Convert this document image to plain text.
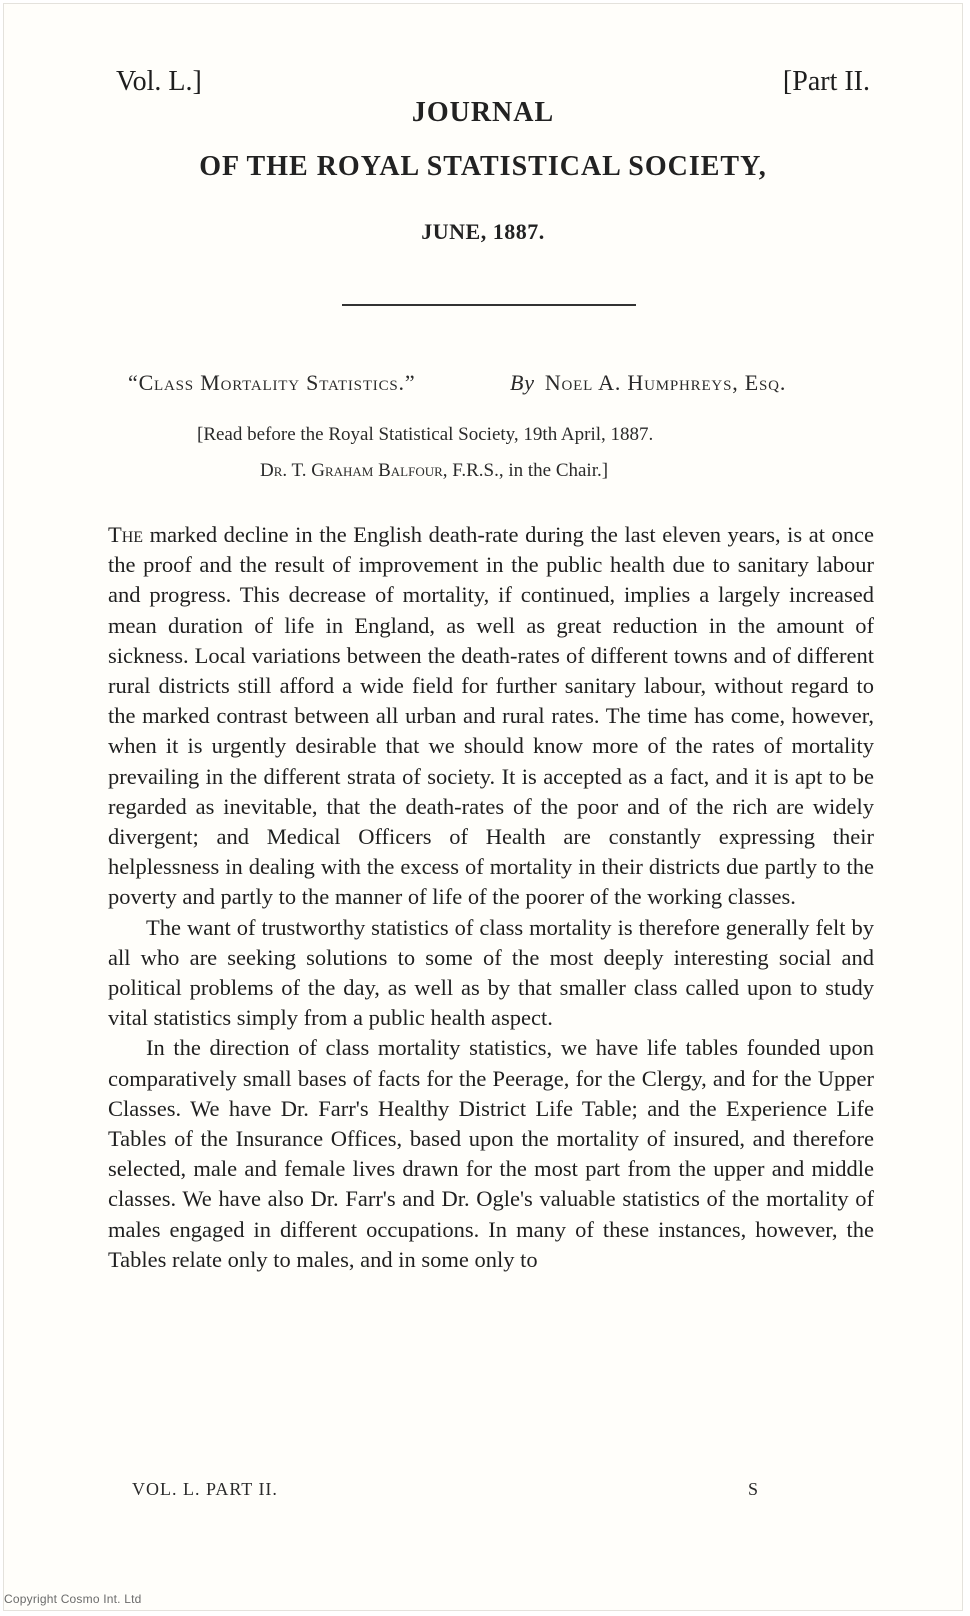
Vol. L.]	[Part II.
JOURNAL
OF THE ROYAL STATISTICAL SOCIETY,
JUNE, 1887.
“Class Mortality Statistics.”	By Noel A. Humphreys, Esq.
[Read before the Royal Statistical Society, 19th April, 1887.
Dr. T. Graham Balfour, F.R.S., in the Chair.]

The marked decline in the English death-rate during the last eleven years, is at once the proof and the result of improvement in the public health due to sanitary labour and progress. This decrease of mortality, if continued, implies a largely increased mean duration of life in England, as well as great reduction in the amount of sickness. Local variations between the death-rates of different towns and of different rural districts still afford a wide field for further sanitary labour, without regard to the marked contrast between all urban and rural rates. The time has come, however, when it is urgently desirable that we should know more of the rates of mortality prevailing in the different strata of society. It is accepted as a fact, and it is apt to be regarded as inevitable, that the death-rates of the poor and of the rich are widely divergent; and Medical Officers of Health are constantly expressing their helplessness in dealing with the excess of mortality in their districts due partly to the poverty and partly to the manner of life of the poorer of the working classes.

The want of trustworthy statistics of class mortality is therefore generally felt by all who are seeking solutions to some of the most deeply interesting social and political problems of the day, as well as by that smaller class called upon to study vital statistics simply from a public health aspect.

In the direction of class mortality statistics, we have life tables founded upon comparatively small bases of facts for the Peerage, for the Clergy, and for the Upper Classes. We have Dr. Farr's Healthy District Life Table; and the Experience Life Tables of the Insurance Offices, based upon the mortality of insured, and therefore selected, male and female lives drawn for the most part from the upper and middle classes. We have also Dr. Farr's and Dr. Ogle's valuable statistics of the mortality of males engaged in different occupations. In many of these instances, however, the Tables relate only to males, and in some only to

VOL. L. PART II.	S
Copyright Cosmo Int. Ltd
